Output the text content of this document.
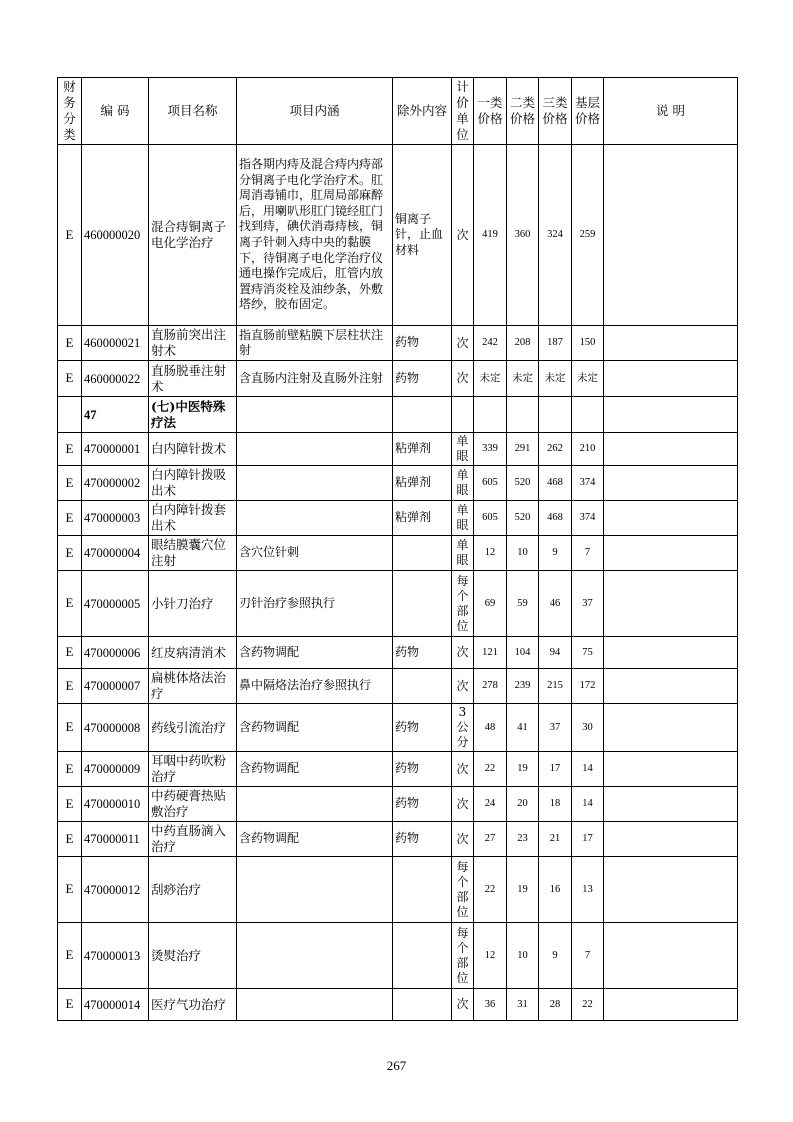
财务分类	编 码	项目名称	项目内涵	除外内容	计价单位	一类价格	二类价格	三类价格	基层价格	说 明
E	460000020	混合痔铜离子电化学治疗	指各期内痔及混合痔内痔部分铜离子电化学治疗术。肛周消毒铺巾，肛周局部麻醉后，用喇叭形肛门镜经肛门找到痔，碘伏消毒痔核，铜离子针刺入痔中央的黏膜下，待铜离子电化学治疗仪通电操作完成后，肛管内放置痔消炎栓及油纱条，外敷塔纱，胶布固定。	铜离子针，止血材料	次	419	360	324	259	
E	460000021	直肠前突出注射术	指直肠前壁粘膜下层柱状注射	药物	次	242	208	187	150	
E	460000022	直肠脱垂注射术	含直肠内注射及直肠外注射	药物	次	未定	未定	未定	未定	
	47	(七)中医特殊疗法								
E	470000001	白内障针拨术		粘弹剂	单眼	339	291	262	210	
E	470000002	白内障针拨吸出术		粘弹剂	单眼	605	520	468	374	
E	470000003	白内障针拨套出术		粘弹剂	单眼	605	520	468	374	
E	470000004	眼结膜囊穴位注射	含穴位针刺		单眼	12	10	9	7	
E	470000005	小针刀治疗	刃针治疗参照执行		每个部位	69	59	46	37	
E	470000006	红皮病清消术	含药物调配	药物	次	121	104	94	75	
E	470000007	扁桃体烙法治疗	鼻中隔烙法治疗参照执行		次	278	239	215	172	
E	470000008	药线引流治疗	含药物调配	药物	3公分	48	41	37	30	
E	470000009	耳咽中药吹粉治疗	含药物调配	药物	次	22	19	17	14	
E	470000010	中药硬膏热贴敷治疗		药物	次	24	20	18	14	
E	470000011	中药直肠滴入治疗	含药物调配	药物	次	27	23	21	17	
E	470000012	刮痧治疗			每个部位	22	19	16	13	
E	470000013	烫熨治疗			每个部位	12	10	9	7	
E	470000014	医疗气功治疗			次	36	31	28	22	
267
